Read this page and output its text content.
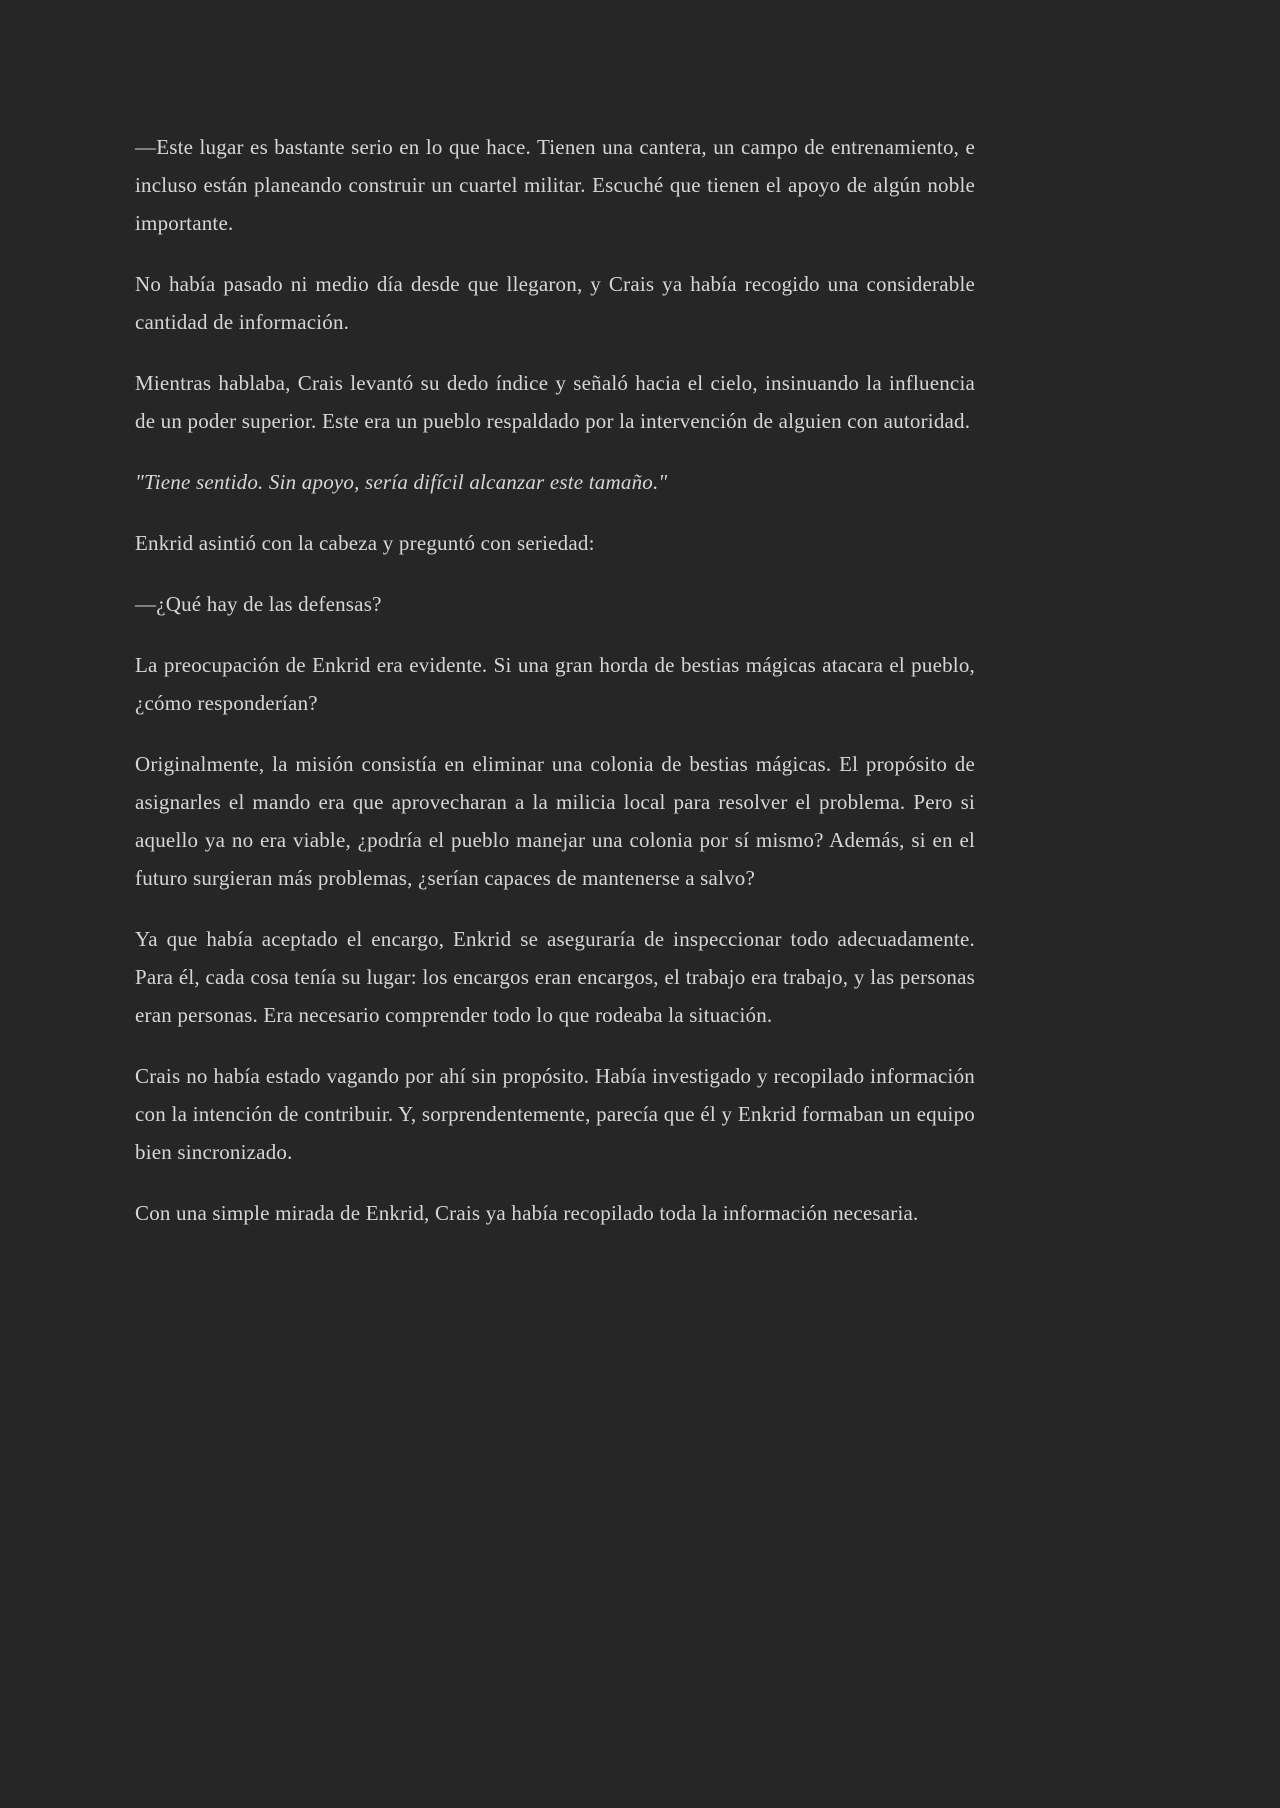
—Este lugar es bastante serio en lo que hace. Tienen una cantera, un campo de entrenamiento, e incluso están planeando construir un cuartel militar. Escuché que tienen el apoyo de algún noble importante.

No había pasado ni medio día desde que llegaron, y Crais ya había recogido una considerable cantidad de información.

Mientras hablaba, Crais levantó su dedo índice y señaló hacia el cielo, insinuando la influencia de un poder superior. Este era un pueblo respaldado por la intervención de alguien con autoridad.

"Tiene sentido. Sin apoyo, sería difícil alcanzar este tamaño."

Enkrid asintió con la cabeza y preguntó con seriedad:

—¿Qué hay de las defensas?

La preocupación de Enkrid era evidente. Si una gran horda de bestias mágicas atacara el pueblo, ¿cómo responderían?

Originalmente, la misión consistía en eliminar una colonia de bestias mágicas. El propósito de asignarles el mando era que aprovecharan a la milicia local para resolver el problema. Pero si aquello ya no era viable, ¿podría el pueblo manejar una colonia por sí mismo? Además, si en el futuro surgieran más problemas, ¿serían capaces de mantenerse a salvo?

Ya que había aceptado el encargo, Enkrid se aseguraría de inspeccionar todo adecuadamente. Para él, cada cosa tenía su lugar: los encargos eran encargos, el trabajo era trabajo, y las personas eran personas. Era necesario comprender todo lo que rodeaba la situación.

Crais no había estado vagando por ahí sin propósito. Había investigado y recopilado información con la intención de contribuir. Y, sorprendentemente, parecía que él y Enkrid formaban un equipo bien sincronizado.

Con una simple mirada de Enkrid, Crais ya había recopilado toda la información necesaria.
